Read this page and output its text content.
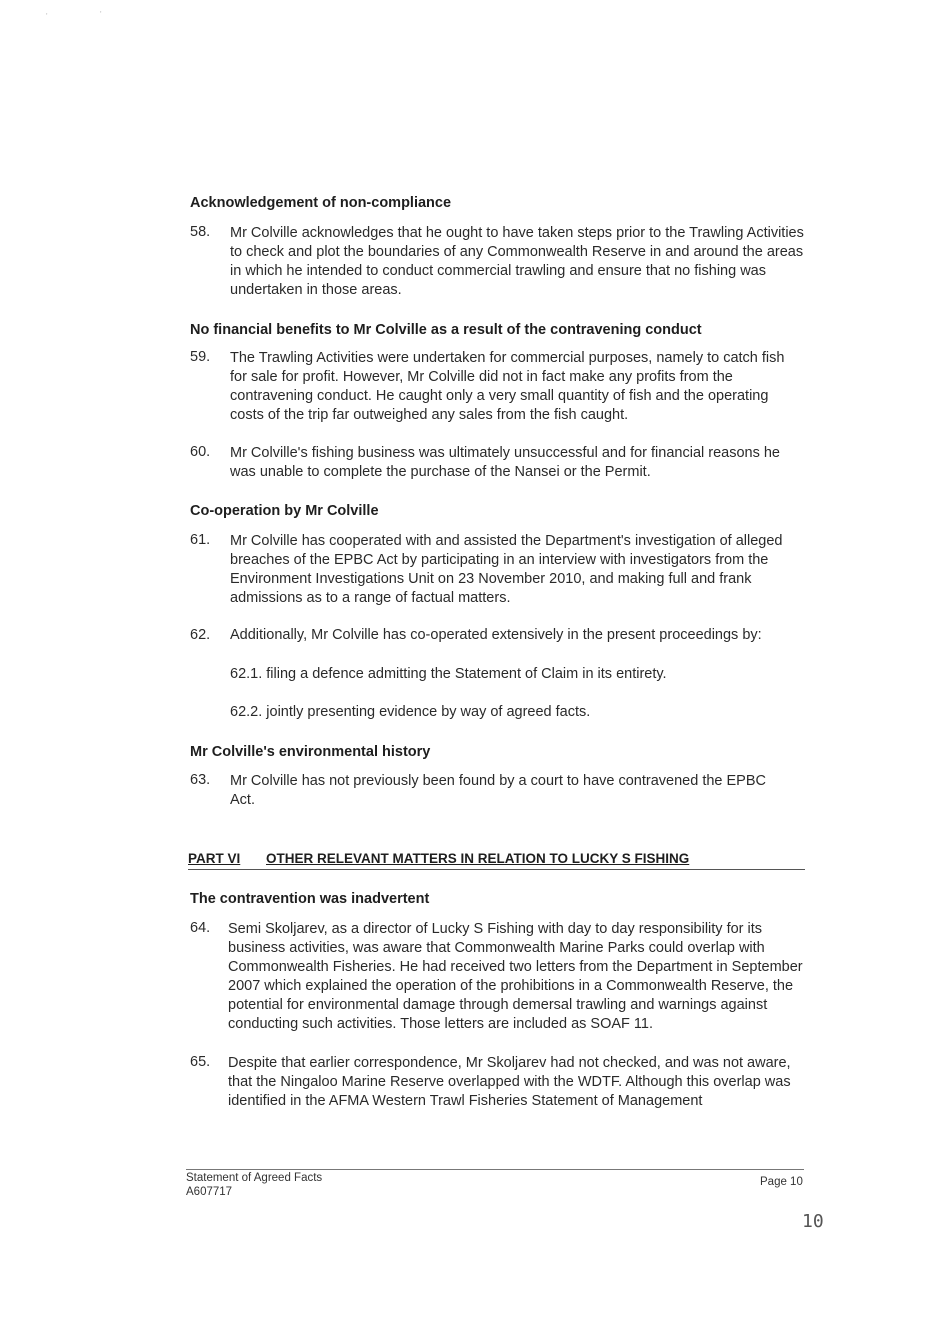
'	'
Acknowledgement of non-compliance
58. Mr Colville acknowledges that he ought to have taken steps prior to the Trawling Activities to check and plot the boundaries of any Commonwealth Reserve in and around the areas in which he intended to conduct commercial trawling and ensure that no fishing was undertaken in those areas.
No financial benefits to Mr Colville as a result of the contravening conduct
59. The Trawling Activities were undertaken for commercial purposes, namely to catch fish for sale for profit. However, Mr Colville did not in fact make any profits from the contravening conduct. He caught only a very small quantity of fish and the operating costs of the trip far outweighed any sales from the fish caught.
60. Mr Colville's fishing business was ultimately unsuccessful and for financial reasons he was unable to complete the purchase of the Nansei or the Permit.
Co-operation by Mr Colville
61. Mr Colville has cooperated with and assisted the Department's investigation of alleged breaches of the EPBC Act by participating in an interview with investigators from the Environment Investigations Unit on 23 November 2010, and making full and frank admissions as to a range of factual matters.
62. Additionally, Mr Colville has co-operated extensively in the present proceedings by:
62.1. filing a defence admitting the Statement of Claim in its entirety.
62.2. jointly presenting evidence by way of agreed facts.
Mr Colville's environmental history
63. Mr Colville has not previously been found by a court to have contravened the EPBC Act.
PART VI OTHER RELEVANT MATTERS IN RELATION TO LUCKY S FISHING
The contravention was inadvertent
64. Semi Skoljarev, as a director of Lucky S Fishing with day to day responsibility for its business activities, was aware that Commonwealth Marine Parks could overlap with Commonwealth Fisheries. He had received two letters from the Department in September 2007 which explained the operation of the prohibitions in a Commonwealth Reserve, the potential for environmental damage through demersal trawling and warnings against conducting such activities. Those letters are included as SOAF 11.
65. Despite that earlier correspondence, Mr Skoljarev had not checked, and was not aware, that the Ningaloo Marine Reserve overlapped with the WDTF. Although this overlap was identified in the AFMA Western Trawl Fisheries Statement of Management
Statement of Agreed Facts
A607717
Page 10
10
